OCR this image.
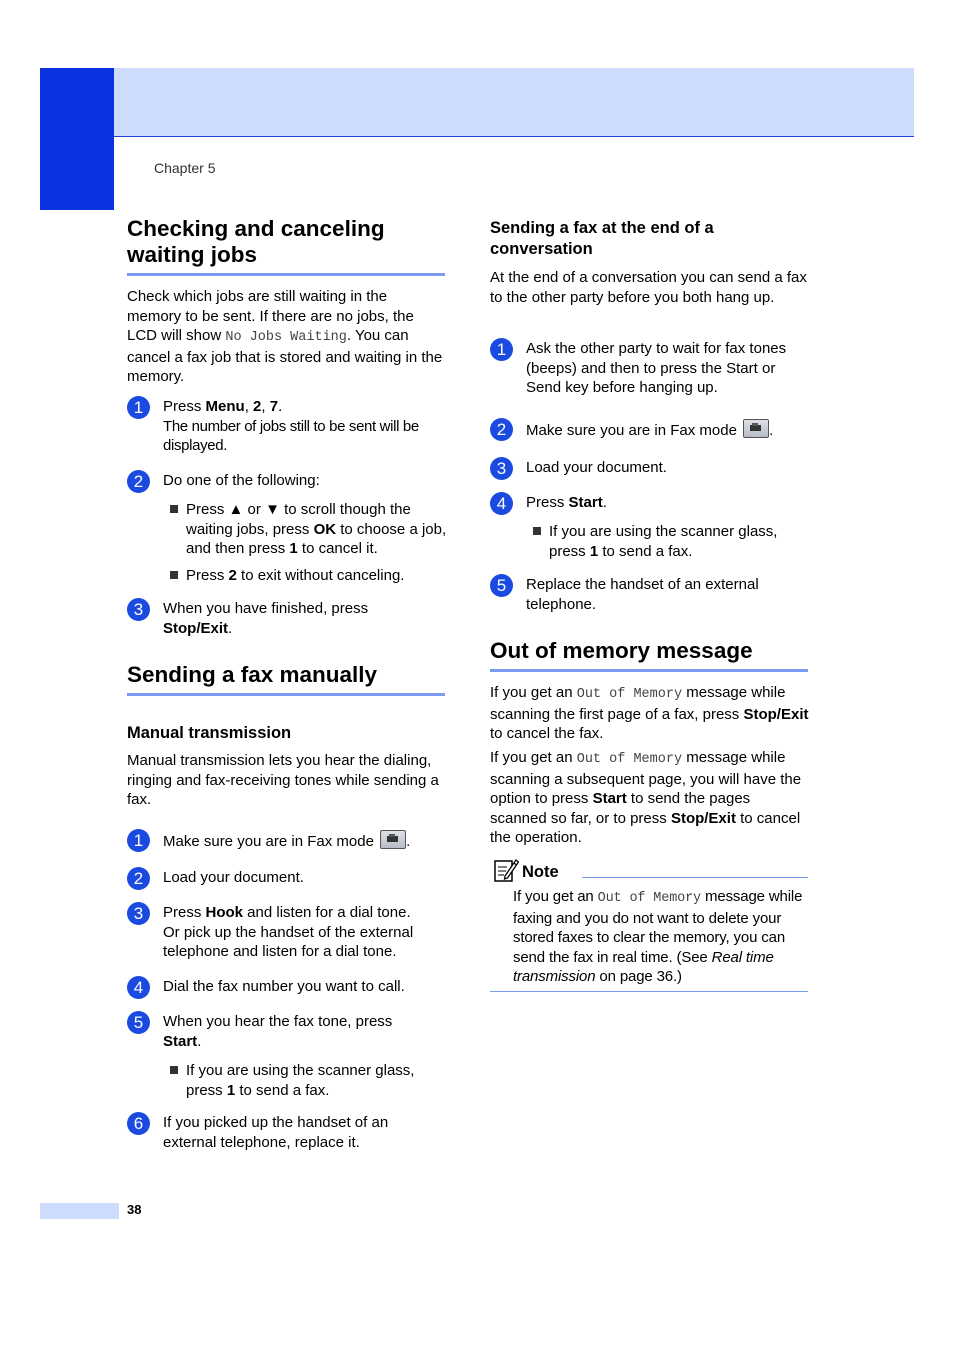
Chapter 5
Checking and canceling
waiting jobs

Check which jobs are still waiting in the memory to be sent. If there are no jobs, the LCD will show No Jobs Waiting. You can cancel a fax job that is stored and waiting in the memory.

1	Press Menu, 2, 7.
The number of jobs still to be sent will be displayed.
2	Do one of the following:
Press ▲ or ▼ to scroll though the waiting jobs, press OK to choose a job, and then press 1 to cancel it.
Press 2 to exit without canceling.
3	When you have finished, press Stop/Exit.
Sending a fax manually
Manual transmission

Manual transmission lets you hear the dialing, ringing and fax-receiving tones while sending a fax.

1	Make sure you are in Fax mode .
2	Load your document.
3	Press Hook and listen for a dial tone.
Or pick up the handset of the external telephone and listen for a dial tone.
4	Dial the fax number you want to call.
5	When you hear the fax tone, press Start.
If you are using the scanner glass, press 1 to send a fax.
6	If you picked up the handset of an external telephone, replace it.
Sending a fax at the end of a conversation

At the end of a conversation you can send a fax to the other party before you both hang up.

1	Ask the other party to wait for fax tones (beeps) and then to press the Start or Send key before hanging up.
2	Make sure you are in Fax mode .
3	Load your document.
4	Press Start.
If you are using the scanner glass, press 1 to send a fax.
5	Replace the handset of an external telephone.
Out of memory message

If you get an Out of Memory message while scanning the first page of a fax, press Stop/Exit to cancel the fax.

If you get an Out of Memory message while scanning a subsequent page, you will have the option to press Start to send the pages scanned so far, or to press Stop/Exit to cancel the operation.

Note

If you get an Out of Memory message while faxing and you do not want to delete your stored faxes to clear the memory, you can send the fax in real time. (See Real time transmission on page 36.)

38
